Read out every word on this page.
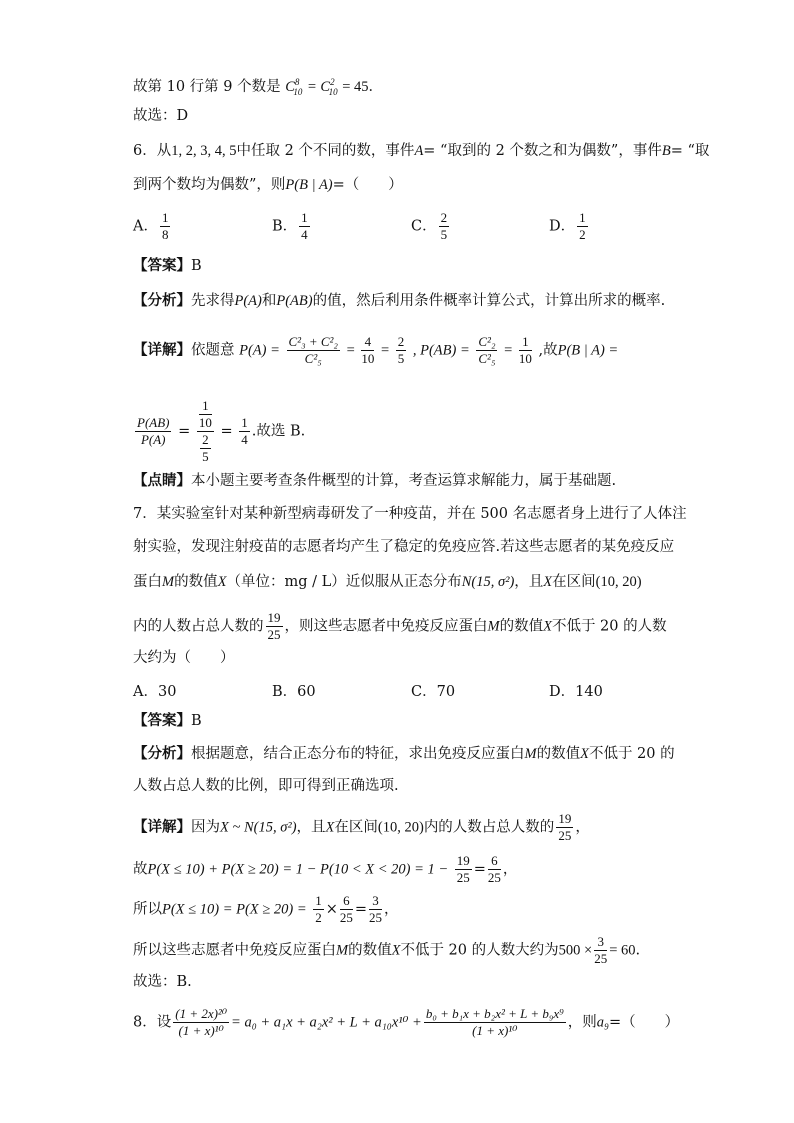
故第 10 行第 9 个数是 $C^8_{10} = C^2_{10} = 45$．
故选：D
6．从1, 2, 3, 4, 5中任取 2 个不同的数，事件A= “取到的 2 个数之和为偶数”，事件B= “取
到两个数均为偶数”，则P(B | A)=（　　）
A． $\frac{1}{8}$	B． $\frac{1}{4}$	C． $\frac{2}{5}$	D． $\frac{1}{2}$
【答案】B
【分析】先求得P(A)和P(AB)的值，然后利用条件概率计算公式，计算出所求的概率.
【详解】依题意 $P(A) = \frac{\text{C²₃ + C²₂}}{\text{C²₅}} = \frac{4}{10} = \frac{2}{5}$ , $P(AB) = \frac{\text{C²₂}}{\text{C²₅}} = \frac{1}{10}$ ,故P(B | A) =
$\frac{P(AB)}{P(A)} = \frac{\frac{1}{10}}{\frac{2}{5}} = \frac{1}{4}$ .故选 B.
【点睛】本小题主要考查条件概型的计算，考查运算求解能力，属于基础题.
7．某实验室针对某种新型病毒研发了一种疫苗，并在 500 名志愿者身上进行了人体注
射实验，发现注射疫苗的志愿者均产生了稳定的免疫应答.若这些志愿者的某免疫反应
蛋白M的数值X（单位：mg / L）近似服从正态分布N(15, σ²)，且X在区间(10, 20)
内的人数占总人数的 $\frac{19}{25}$ ，则这些志愿者中免疫反应蛋白M的数值X不低于 20 的人数
大约为（　　）
A．30	B．60	C．70	D．140
【答案】B
【分析】根据题意，结合正态分布的特征，求出免疫反应蛋白M的数值X不低于 20 的
人数占总人数的比例，即可得到正确选项.
【详解】因为X ~ N(15, σ²)，且X在区间(10, 20)内的人数占总人数的 $\frac{19}{25}$ ，
故$P(X \le 10) + P(X \ge 20) = 1 - P(10 < X < 20) = 1 - \frac{19}{25} = \frac{6}{25}$ ，
所以$P(X \le 10) = P(X \ge 20) = \frac{1}{2} \times \frac{6}{25} = \frac{3}{25}$ ，
所以这些志愿者中免疫反应蛋白M的数值X不低于 20 的人数大约为$500 \times \frac{3}{25} = 60$.
故选：B.
8．设 $\frac{\text{(1 + 2x)²⁰}}{\text{(1 + x)¹⁰}} = a_0 + a_1x + a_2x^2 + L + a_{10}x^{10} + \frac{\text{b₀ + b₁x + b₂x² + L + b₉x⁹}}{\text{(1 + x)¹⁰}}$ ，则a₉=（　　）
